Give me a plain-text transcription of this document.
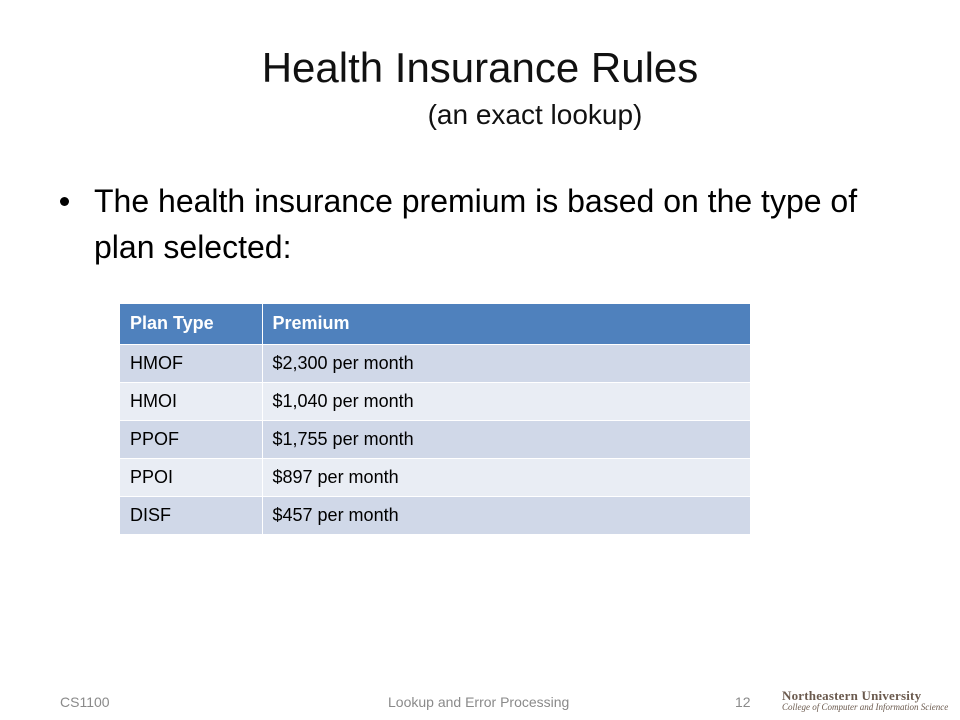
Health Insurance Rules
(an exact lookup)
The health insurance premium is based on the type of plan selected:
Plan Type	Premium
HMOF	$2,300 per month
HMOI	$1,040 per month
PPOF	$1,755 per month
PPOI	$897 per month
DISF	$457 per month
CS1100	Lookup and Error Processing	12 Northeastern University
College of Computer and Information Science
